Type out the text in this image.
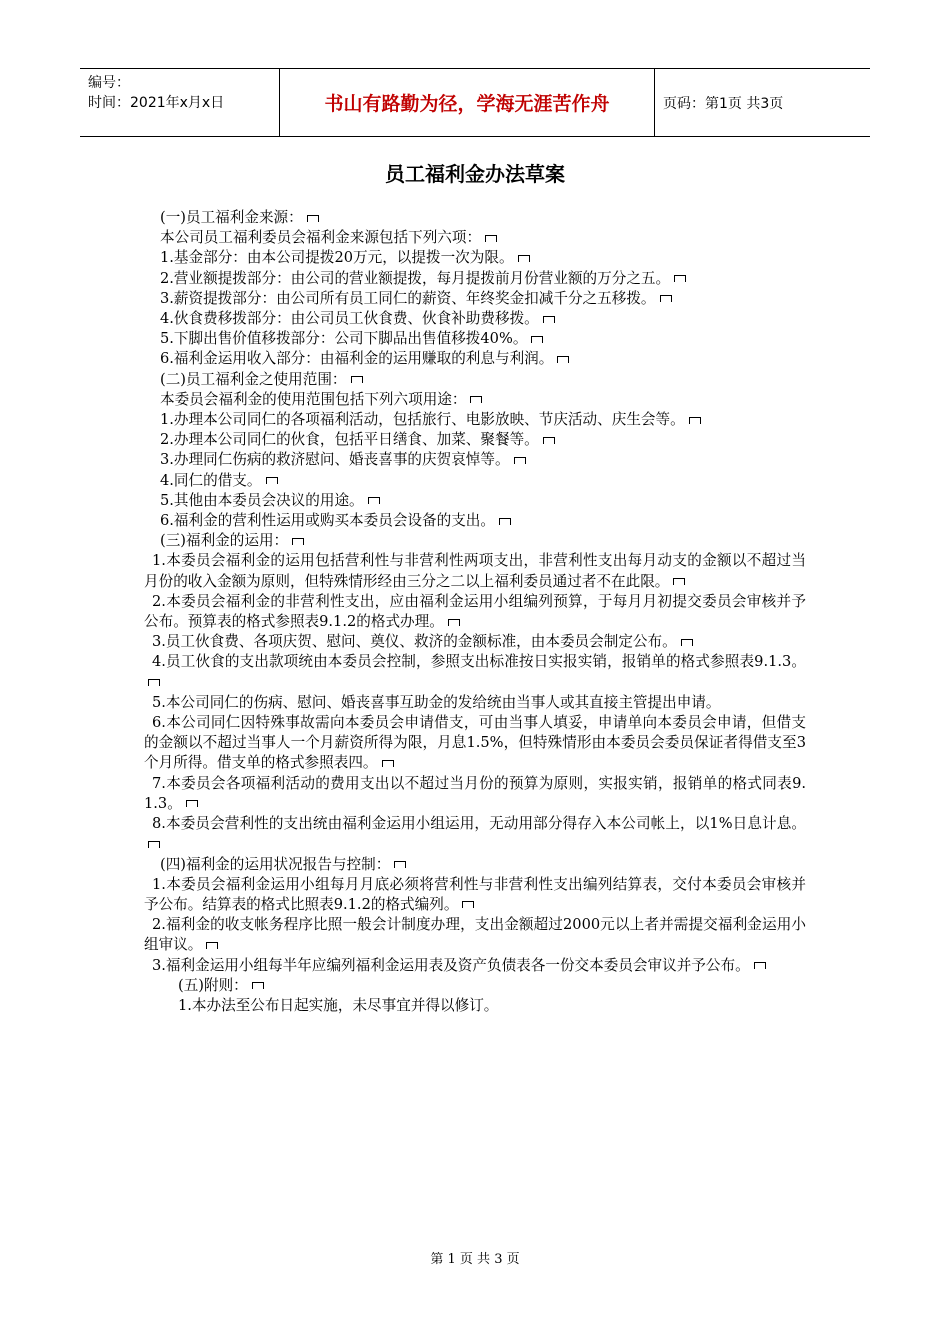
编号：
时间：2021年x月x日	书山有路勤为径，学海无涯苦作舟	页码：第1页 共3页
员工福利金办法草案

(一)员工福利金来源：

本公司员工福利委员会福利金来源包括下列六项：

1.基金部分：由本公司提拨20万元，以提拨一次为限。

2.营业额提拨部分：由公司的营业额提拨，每月提拨前月份营业额的万分之五。

3.薪资提拨部分：由公司所有员工同仁的薪资、年终奖金扣减千分之五移拨。

4.伙食费移拨部分：由公司员工伙食费、伙食补助费移拨。

5.下脚出售价值移拨部分：公司下脚品出售值移拨40%。

6.福利金运用收入部分：由福利金的运用赚取的利息与利润。

(二)员工福利金之使用范围：

本委员会福利金的使用范围包括下列六项用途：

1.办理本公司同仁的各项福利活动，包括旅行、电影放映、节庆活动、庆生会等。

2.办理本公司同仁的伙食，包括平日缮食、加菜、聚餐等。

3.办理同仁伤病的救济慰问、婚丧喜事的庆贺哀悼等。

4.同仁的借支。

5.其他由本委员会决议的用途。

6.福利金的营利性运用或购买本委员会设备的支出。

(三)福利金的运用：

1.本委员会福利金的运用包括营利性与非营利性两项支出，非营利性支出每月动支的金额以不超过当月份的收入金额为原则，但特殊情形经由三分之二以上福利委员通过者不在此限。

2.本委员会福利金的非营利性支出，应由福利金运用小组编列预算，于每月月初提交委员会审核并予公布。预算表的格式参照表9.1.2的格式办理。

3.员工伙食费、各项庆贺、慰问、奠仪、救济的金额标准，由本委员会制定公布。

4.员工伙食的支出款项统由本委员会控制，参照支出标准按日实报实销，报销单的格式参照表9.1.3。

5.本公司同仁的伤病、慰问、婚丧喜事互助金的发给统由当事人或其直接主管提出申请。

6.本公司同仁因特殊事故需向本委员会申请借支，可由当事人填妥，申请单向本委员会申请，但借支的金额以不超过当事人一个月薪资所得为限，月息1.5%，但特殊情形由本委员会委员保证者得借支至3个月所得。借支单的格式参照表四。

7.本委员会各项福利活动的费用支出以不超过当月份的预算为原则，实报实销，报销单的格式同表9.1.3。

8.本委员会营利性的支出统由福利金运用小组运用，无动用部分得存入本公司帐上，以1%日息计息。

(四)福利金的运用状况报告与控制：

1.本委员会福利金运用小组每月月底必须将营利性与非营利性支出编列结算表，交付本委员会审核并予公布。结算表的格式比照表9.1.2的格式编列。

2.福利金的收支帐务程序比照一般会计制度办理，支出金额超过2000元以上者并需提交福利金运用小组审议。

3.福利金运用小组每半年应编列福利金运用表及资产负债表各一份交本委员会审议并予公布。

(五)附则：

1.本办法至公布日起实施，未尽事宜并得以修订。

第 1 页 共 3 页
